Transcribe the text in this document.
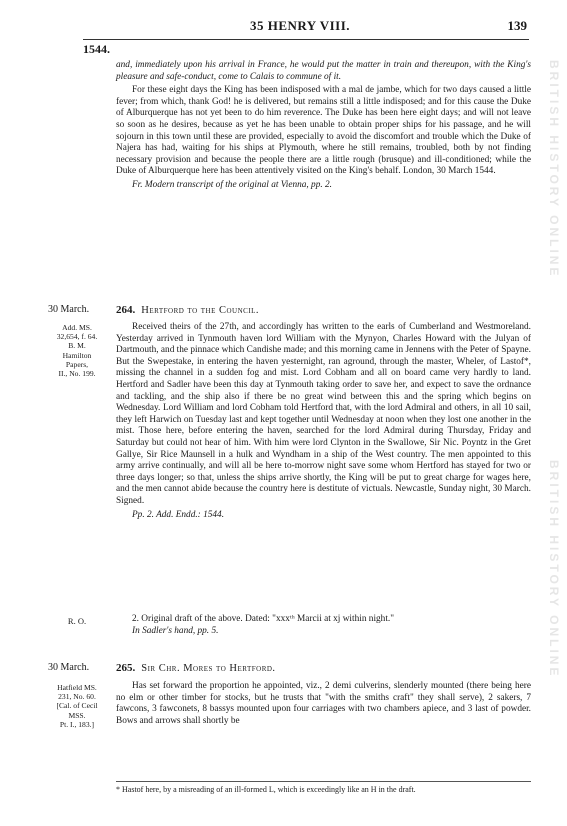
35 HENRY VIII.	139
1544.

and, immediately upon his arrival in France, he would put the matter in train and thereupon, with the King's pleasure and safe-conduct, come to Calais to commune of it.

For these eight days the King has been indisposed with a mal de jambe, which for two days caused a little fever; from which, thank God! he is delivered, but remains still a little indisposed; and for this cause the Duke of Alburquerque has not yet been to do him reverence. The Duke has been here eight days; and will not leave so soon as he desires, because as yet he has been unable to obtain proper ships for his passage, and he will sojourn in this town until these are provided, especially to avoid the discomfort and trouble which the Duke of Najera has had, waiting for his ships at Plymouth, where he still remains, troubled, both by not finding necessary provision and because the people there are a little rough (brusque) and ill-conditioned; while the Duke of Alburquerque here has been attentively visited on the King's behalf. London, 30 March 1544.

Fr. Modern transcript of the original at Vienna, pp. 2.

30 March. 264. Hertford to the Council.
Add. MS.
32,654, f. 64.
B. M.
Hamilton
Papers,
II., No. 199.

Received theirs of the 27th, and accordingly has written to the earls of Cumberland and Westmoreland. Yesterday arrived in Tynmouth haven lord William with the Mynyon, Charles Howard with the Julyan of Dartmouth, and the pinnace which Candishe made; and this morning came in Jennens with the Peter of Spayne. But the Swepestake, in entering the haven yesternight, ran aground, through the master, Wheler, of Lastof*, missing the channel in a sudden fog and mist. Lord Cobham and all on board came very hardly to land. Hertford and Sadler have been this day at Tynmouth taking order to save her, and expect to save the ordnance and tackling, and the ship also if there be no great wind between this and the spring which begins on Wednesday. Lord William and lord Cobham told Hertford that, with the lord Admiral and others, in all 10 sail, they left Harwich on Tuesday last and kept together until Wednesday at noon when they lost one another in the mist. Those here, before entering the haven, searched for the lord Admiral during Thursday, Friday and Saturday but could not hear of him. With him were lord Clynton in the Swallowe, Sir Nic. Poyntz in the Gret Gallye, Sir Rice Maunsell in a hulk and Wyndham in a ship of the West country. The men appointed to this army arrive continually, and will all be here to-morrow night save some whom Hertford has stayed for two or three days longer; so that, unless the ships arrive shortly, the King will be put to great charge for wages here, and the men cannot abide because the country here is destitute of victuals. Newcastle, Sunday night, 30 March. Signed.

Pp. 2. Add. Endd.: 1544.

R. O.	2. Original draft of the above. Dated: "xxxᵗʰ Marcii at xj within night."

In Sadler's hand, pp. 5.

30 March. 265. Sir Chr. Mores to Hertford.
Hatfield MS.
231, No. 60.
[Cal. of Cecil
MSS.
Pt. I., 183.]

Has set forward the proportion he appointed, viz., 2 demi culverins, slenderly mounted (there being here no elm or other timber for stocks, but he trusts that "with the smiths craft" they shall serve), 2 sakers, 7 fawcons, 3 fawconets, 8 bassys mounted upon four carriages with two chambers apiece, and 3 last of powder. Bows and arrows shall shortly be

* Hastof here, by a misreading of an ill-formed L, which is exceedingly like an H in the draft.
BRITISH HISTORY ONLINE
BRITISH HISTORY ONLINE
